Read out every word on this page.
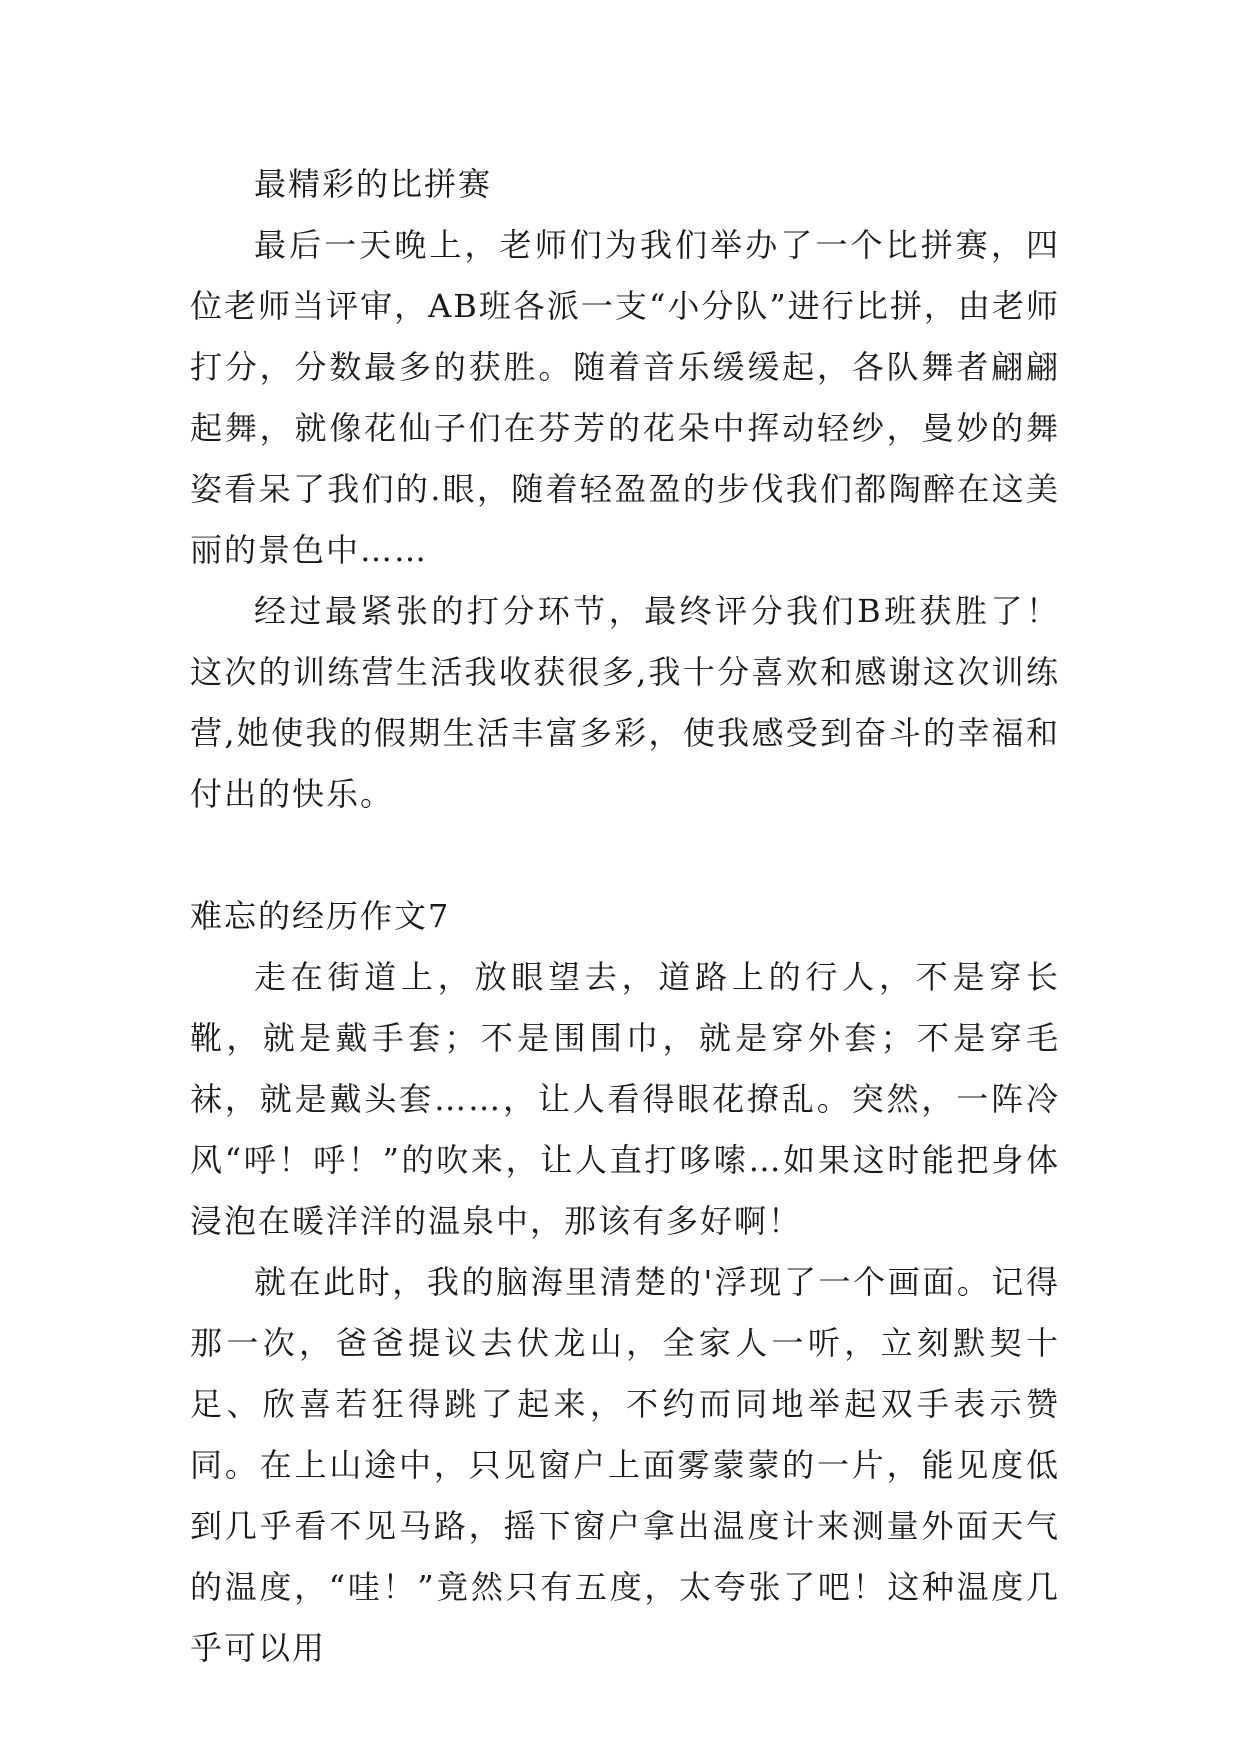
最精彩的比拼赛

最后一天晚上，老师们为我们举办了一个比拼赛，四位老师当评审，AB班各派一支“小分队”进行比拼，由老师打分，分数最多的获胜。随着音乐缓缓起，各队舞者翩翩起舞，就像花仙子们在芬芳的花朵中挥动轻纱，曼妙的舞姿看呆了我们的.眼，随着轻盈盈的步伐我们都陶醉在这美丽的景色中……

经过最紧张的打分环节，最终评分我们B班获胜了！这次的训练营生活我收获很多,我十分喜欢和感谢这次训练营,她使我的假期生活丰富多彩，使我感受到奋斗的幸福和付出的快乐。

难忘的经历作文7

走在街道上，放眼望去，道路上的行人，不是穿长靴，就是戴手套；不是围围巾，就是穿外套；不是穿毛袜，就是戴头套……，让人看得眼花撩乱。突然，一阵冷风“呼！呼！”的吹来，让人直打哆嗦…如果这时能把身体浸泡在暖洋洋的温泉中，那该有多好啊！

就在此时，我的脑海里清楚的'浮现了一个画面。记得那一次，爸爸提议去伏龙山，全家人一听，立刻默契十足、欣喜若狂得跳了起来，不约而同地举起双手表示赞同。在上山途中，只见窗户上面雾蒙蒙的一片，能见度低到几乎看不见马路，摇下窗户拿出温度计来测量外面天气的温度，“哇！”竟然只有五度，太夸张了吧！这种温度几乎可以用
